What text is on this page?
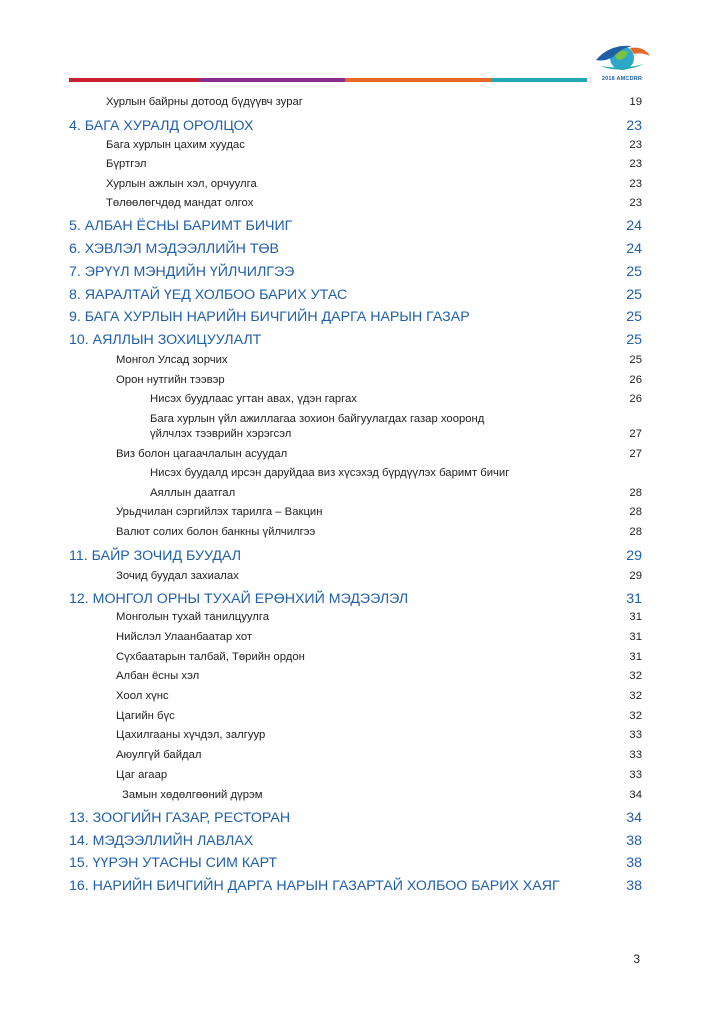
2018 AMCDRR
Хурлын байрны дотоод бүдүүвч зураг	19
4. БАГА ХУРАЛД ОРОЛЦОХ	23
Бага хурлын цахим хуудас	23
Бүртгэл	23
Хурлын ажлын хэл, орчуулга	23
Төлөөлөгчдөд мандат олгох	23
5. АЛБАН ЁСНЫ БАРИМТ БИЧИГ	24
6. ХЭВЛЭЛ МЭДЭЭЛЛИЙН ТӨВ	24
7. ЭРҮҮЛ МЭНДИЙН ҮЙЛЧИЛГЭЭ	25
8. ЯАРАЛТАЙ ҮЕД ХОЛБОО БАРИХ УТАС	25
9. БАГА ХУРЛЫН НАРИЙН БИЧГИЙН ДАРГА НАРЫН ГАЗАР	25
10. АЯЛЛЫН ЗОХИЦУУЛАЛТ	25
Монгол Улсад зорчих	25
Орон нутгийн тээвэр	26
Нисэх буудлаас угтан авах, үдэн гаргах	26
Бага хурлын үйл ажиллагаа зохион байгуулагдах газар хооронд
үйлчлэх тээврийн хэрэгсэл	27
Виз болон цагаачлалын асуудал	27
Нисэх буудалд ирсэн даруйдаа виз хүсэхэд бүрдүүлэх баримт бичиг
Аяллын даатгал	28
Урьдчилан сэргийлэх тарилга – Вакцин	28
Валют солих болон банкны үйлчилгээ	28
11. БАЙР ЗОЧИД БУУДАЛ	29
Зочид буудал захиалах	29
12. МОНГОЛ ОРНЫ ТУХАЙ ЕРӨНХИЙ МЭДЭЭЛЭЛ	31
Монголын тухай танилцуулга	31
Нийслэл Улаанбаатар хот	31
Сүхбаатарын талбай, Төрийн ордон	31
Албан ёсны хэл	32
Хоол хүнс	32
Цагийн бүс	32
Цахилгааны хүчдэл, залгуур	33
Аюулгүй байдал	33
Цаг агаар	33
Замын хөдөлгөөний дүрэм	34
13. ЗООГИЙН ГАЗАР, РЕСТОРАН	34
14. МЭДЭЭЛЛИЙН ЛАВЛАХ	38
15. ҮҮРЭН УТАСНЫ СИМ КАРТ	38
16. НАРИЙН БИЧГИЙН ДАРГА НАРЫН ГАЗАРТАЙ ХОЛБОО БАРИХ ХАЯГ	38
3
